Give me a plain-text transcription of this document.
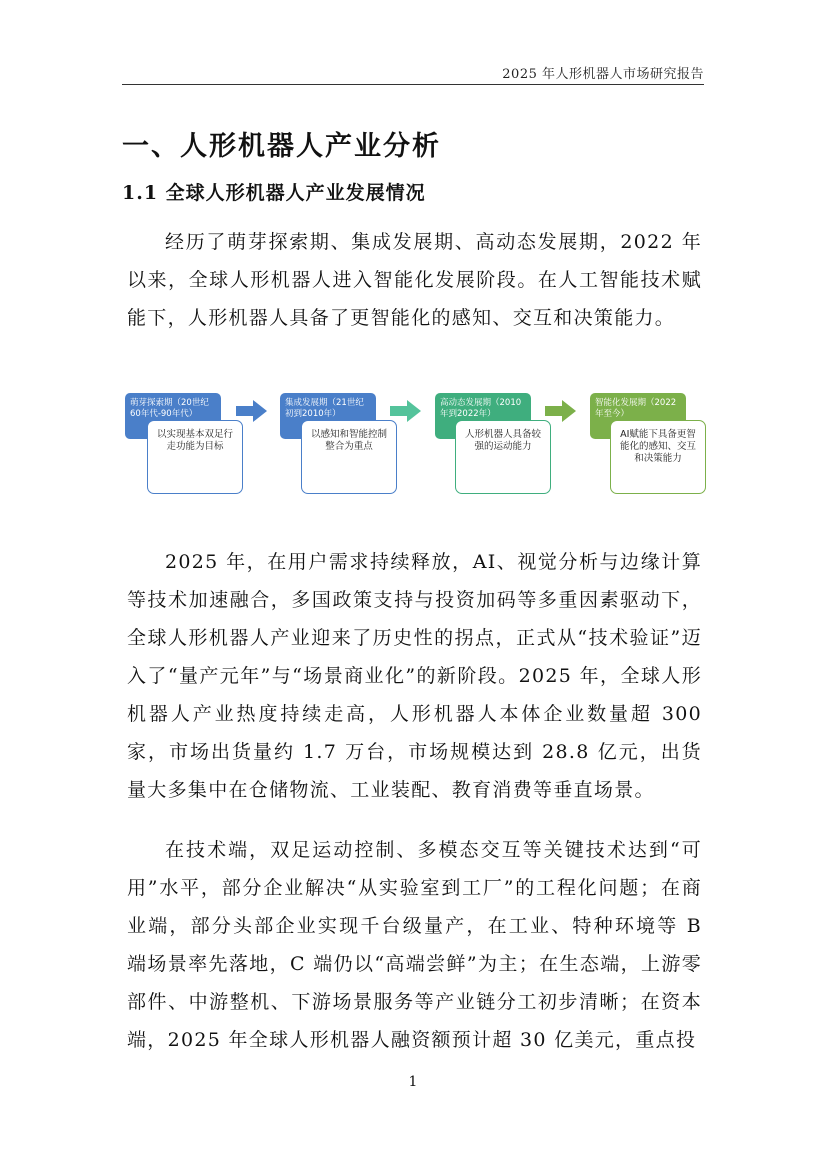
2025 年人形机器人市场研究报告
一、人形机器人产业分析
1.1 全球人形机器人产业发展情况

经历了萌芽探索期、集成发展期、高动态发展期，2022 年以来，全球人形机器人进入智能化发展阶段。在人工智能技术赋能下，人形机器人具备了更智能化的感知、交互和决策能力。

萌芽探索期（20世纪60年代-90年代）
以实现基本双足行走功能为目标
集成发展期（21世纪初到2010年）
以感知和智能控制整合为重点
高动态发展期（2010年到2022年）
人形机器人具备较强的运动能力
智能化发展期（2022年至今）
AI赋能下具备更智能化的感知、交互和决策能力

2025 年，在用户需求持续释放，AI、视觉分析与边缘计算等技术加速融合，多国政策支持与投资加码等多重因素驱动下，全球人形机器人产业迎来了历史性的拐点，正式从“技术验证”迈入了“量产元年”与“场景商业化”的新阶段。2025 年，全球人形机器人产业热度持续走高，人形机器人本体企业数量超 300 家，市场出货量约 1.7 万台，市场规模达到 28.8 亿元，出货量大多集中在仓储物流、工业装配、教育消费等垂直场景。

在技术端，双足运动控制、多模态交互等关键技术达到“可用”水平，部分企业解决“从实验室到工厂”的工程化问题；在商业端，部分头部企业实现千台级量产，在工业、特种环境等 B 端场景率先落地，C 端仍以“高端尝鲜”为主；在生态端，上游零部件、中游整机、下游场景服务等产业链分工初步清晰；在资本端，2025 年全球人形机器人融资额预计超 30 亿美元，重点投

1
